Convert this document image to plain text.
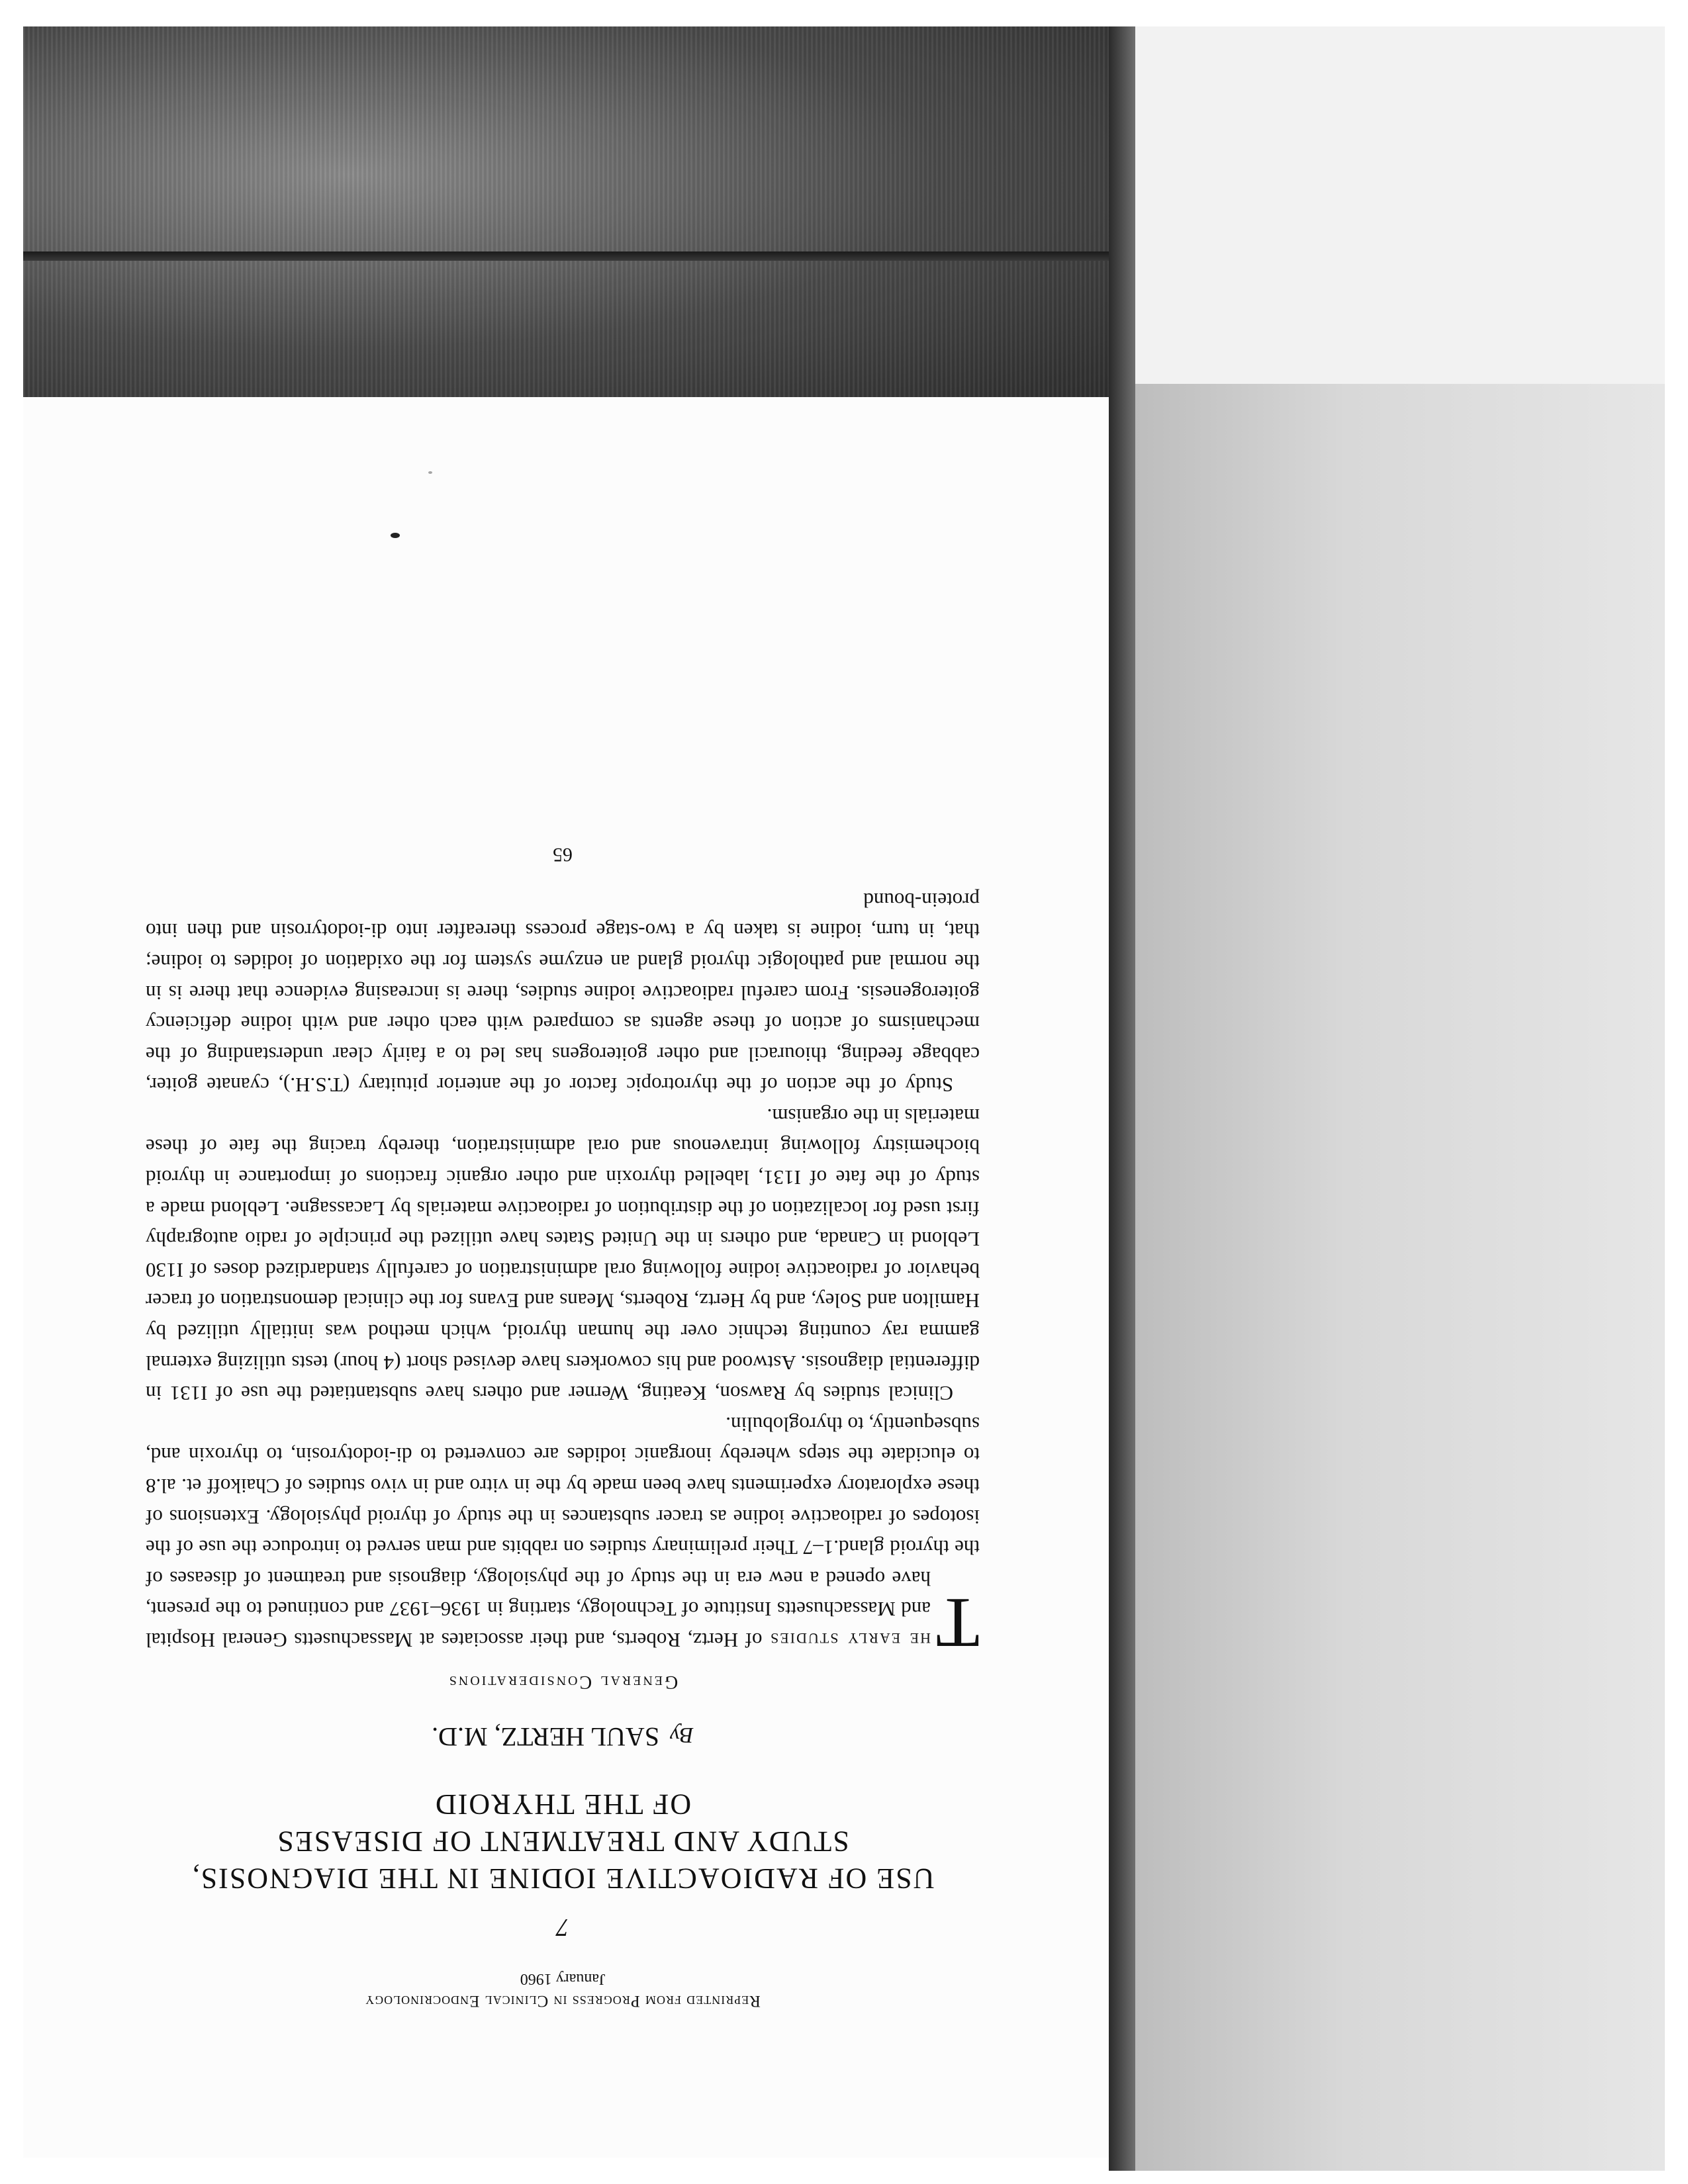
Reprinted from Progress in Clinical Endocrinology
January 1960
7
USE OF RADIOACTIVE IODINE IN THE DIAGNOSIS,
STUDY AND TREATMENT OF DISEASES
OF THE THYROID
By SAUL HERTZ, M.D.
General Considerations

T
he early studies of Hertz, Roberts, and their associates at Massachusetts General Hospital and Massachusetts Institute of Technology, starting in 1936–1937 and continued to the present, have opened a new era in the study of the physiology, diagnosis and treatment of diseases of the thyroid gland.1–7 Their preliminary studies on rabbits and man served to introduce the use of the isotopes of radioactive iodine as tracer substances in the study of thyroid physiology. Extensions of these exploratory experiments have been made by the in vitro and in vivo studies of Chaikoff et. al.8 to elucidate the steps whereby inorganic iodides are converted to di-iodotyrosin, to thyroxin and, subsequently, to thyroglobulin.

Clinical studies by Rawson, Keating, Werner and others have substantiated the use of I131 in differential diagnosis. Astwood and his coworkers have devised short (4 hour) tests utilizing external gamma ray counting technic over the human thyroid, which method was initially utilized by Hamilton and Soley, and by Hertz, Roberts, Means and Evans for the clinical demonstration of tracer behavior of radioactive iodine following oral administration of carefully standardized doses of I130 Leblond in Canada, and others in the United States have utilized the principle of radio autography first used for localization of the distribution of radioactive materials by Lacassagne. Leblond made a study of the fate of I131, labelled thyroxin and other organic fractions of importance in thyroid biochemistry following intravenous and oral administration, thereby tracing the fate of these materials in the organism.

Study of the action of the thyrotropic factor of the anterior pituitary (T.S.H.), cyanate goiter, cabbage feeding, thiouracil and other goiterogens has led to a fairly clear understanding of the mechanisms of action of these agents as compared with each other and with iodine deficiency goiterogenesis. From careful radioactive iodine studies, there is increasing evidence that there is in the normal and pathologic thyroid gland an enzyme system for the oxidation of iodides to iodine; that, in turn, iodine is taken by a two-stage process thereafter into di-iodotyrosin and then into protein-bound

65
